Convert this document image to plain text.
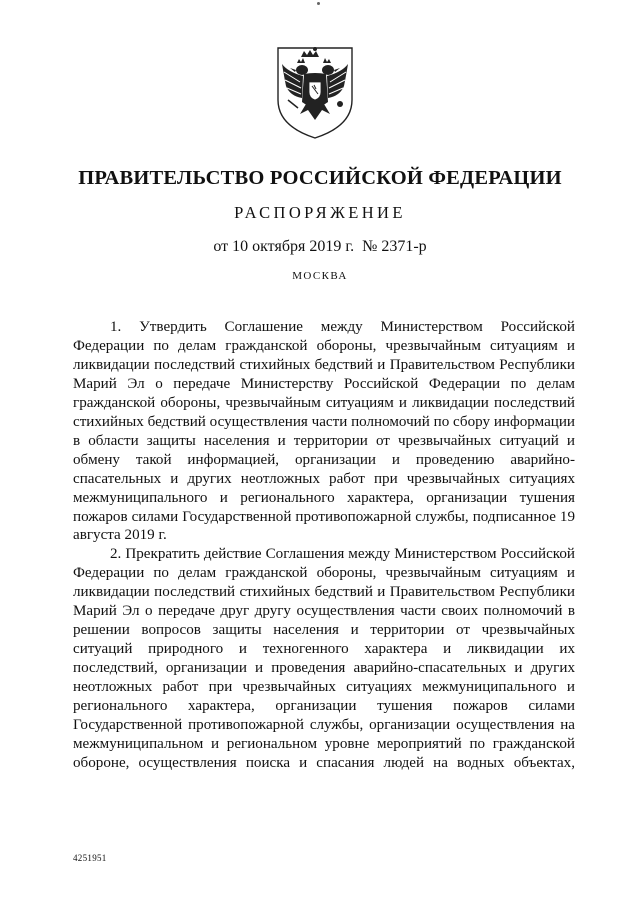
ПРАВИТЕЛЬСТВО РОССИЙСКОЙ ФЕДЕРАЦИИ
РАСПОРЯЖЕНИЕ
от 10 октября 2019 г. № 2371-р
МОСКВА

1. Утвердить Соглашение между Министерством Российской Федерации по делам гражданской обороны, чрезвычайным ситуациям и ликвидации последствий стихийных бедствий и Правительством Республики Марий Эл о передаче Министерству Российской Федерации по делам гражданской обороны, чрезвычайным ситуациям и ликвидации последствий стихийных бедствий осуществления части полномочий по сбору информации в области защиты населения и территории от чрезвычайных ситуаций и обмену такой информацией, организации и проведению аварийно-спасательных и других неотложных работ при чрезвычайных ситуациях межмуниципального и регионального характера, организации тушения пожаров силами Государственной противопожарной службы, подписанное 19 августа 2019 г.

2. Прекратить действие Соглашения между Министерством Российской Федерации по делам гражданской обороны, чрезвычайным ситуациям и ликвидации последствий стихийных бедствий и Правительством Республики Марий Эл о передаче друг другу осуществления части своих полномочий в решении вопросов защиты населения и территории от чрезвычайных ситуаций природного и техногенного характера и ликвидации их последствий, организации и проведения аварийно-спасательных и других неотложных работ при чрезвычайных ситуациях межмуниципального и регионального характера, организации тушения пожаров силами Государственной противопожарной службы, организации осуществления на межмуниципальном и региональном уровне мероприятий по гражданской обороне, осуществления поиска и спасания людей на водных объектах,

4251951
